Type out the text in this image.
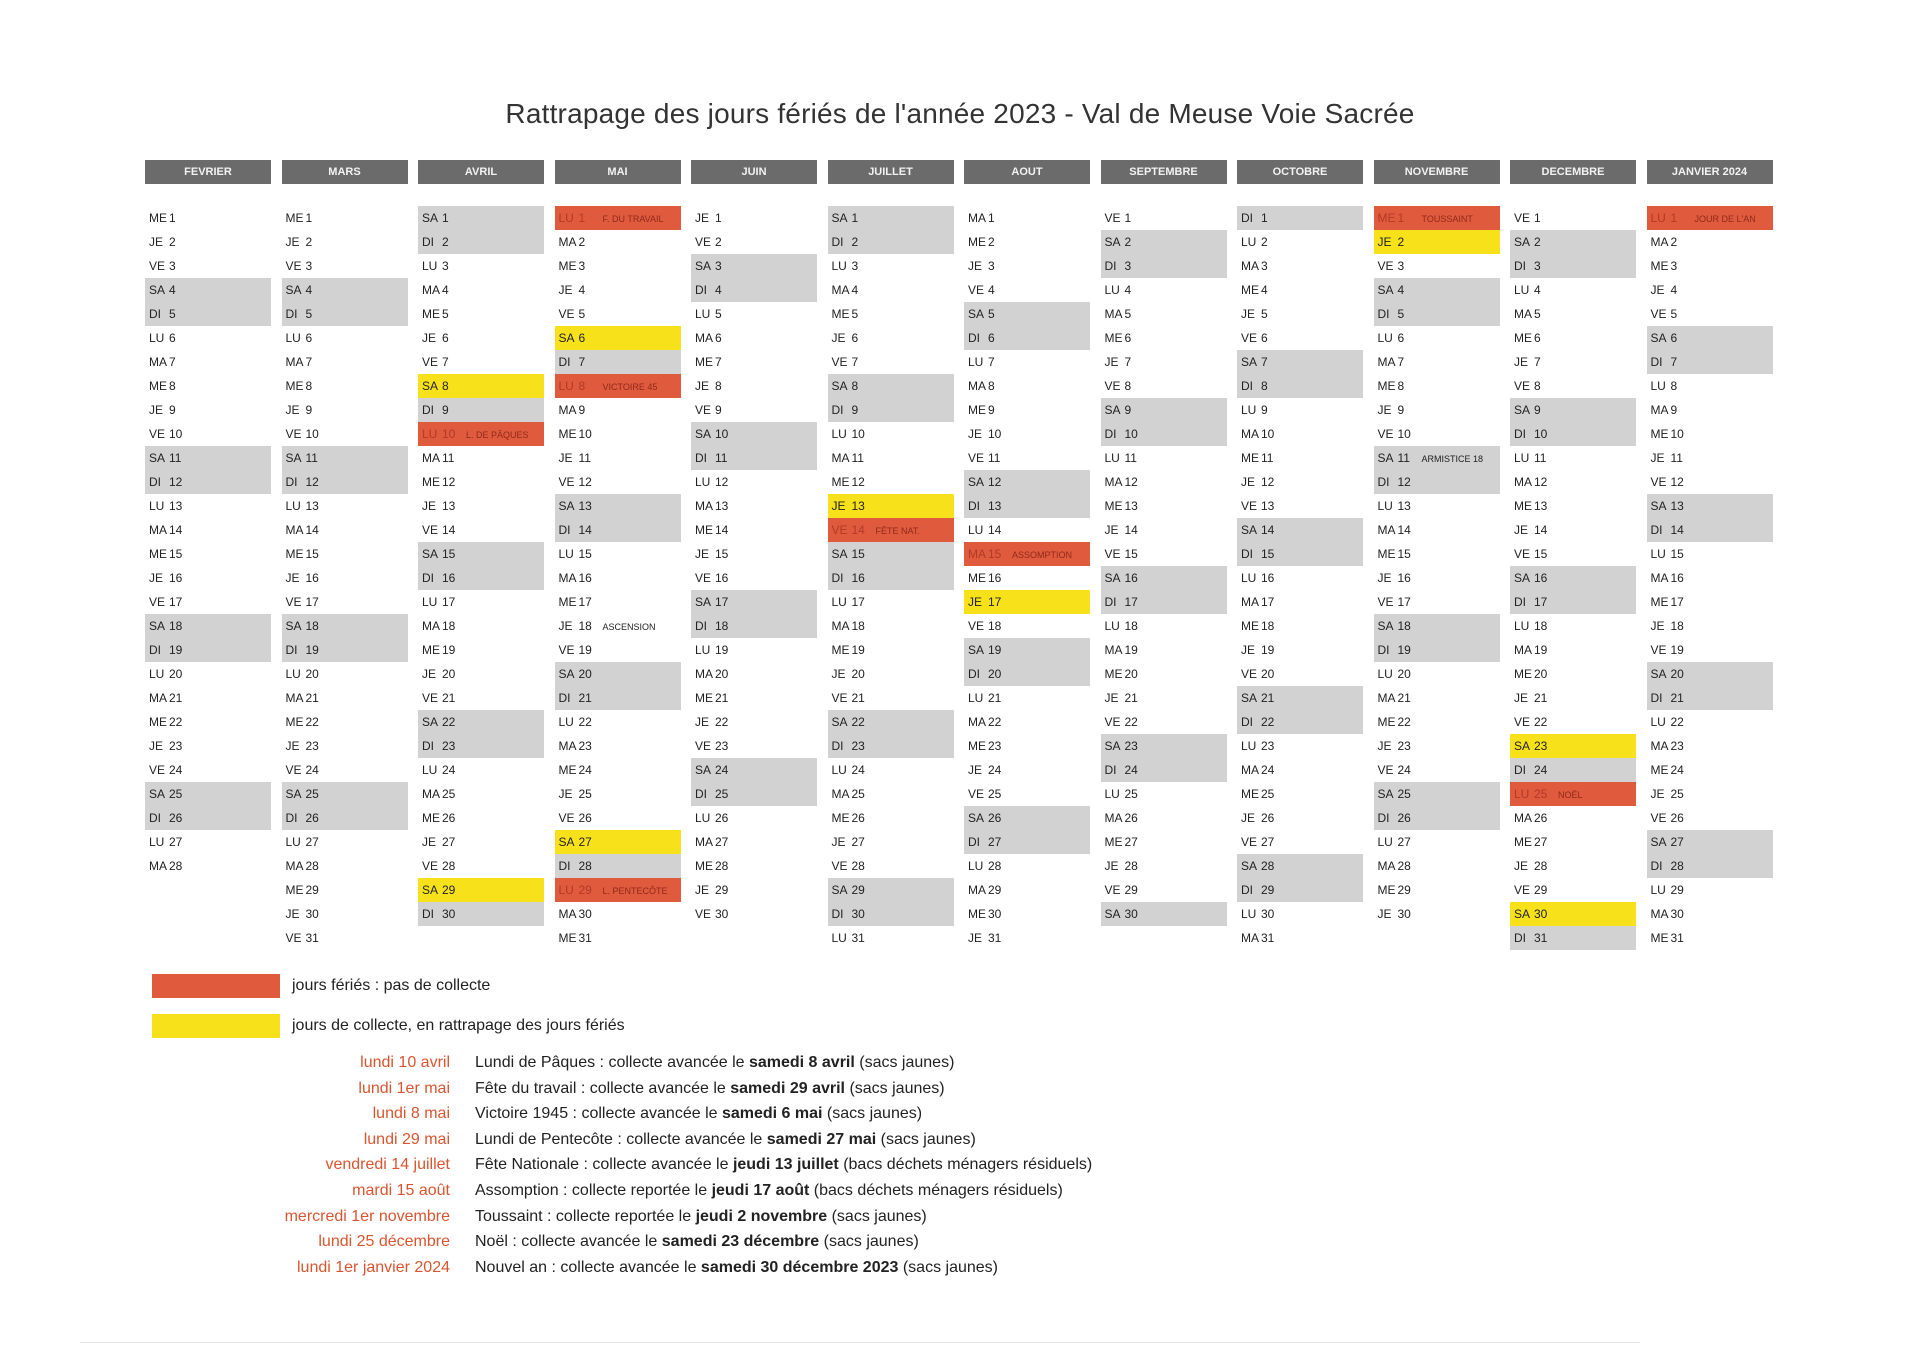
Rattrapage des jours fériés de l'année 2023 - Val de Meuse Voie Sacrée
FEVRIER
ME 1
JE 2
VE 3
SA 4
DI 5
LU 6
MA 7
ME 8
JE 9
VE 10
SA 11
DI 12
LU 13
MA 14
ME 15
JE 16
VE 17
SA 18
DI 19
LU 20
MA 21
ME 22
JE 23
VE 24
SA 25
DI 26
LU 27
MA 28
MARS
ME 1
JE 2
VE 3
SA 4
DI 5
LU 6
MA 7
ME 8
JE 9
VE 10
SA 11
DI 12
LU 13
MA 14
ME 15
JE 16
VE 17
SA 18
DI 19
LU 20
MA 21
ME 22
JE 23
VE 24
SA 25
DI 26
LU 27
MA 28
ME 29
JE 30
VE 31
AVRIL
SA 1
DI 2
LU 3
MA 4
ME 5
JE 6
VE 7
SA 8
DI 9
LU 10 L. DE PÂQUES
MA 11
ME 12
JE 13
VE 14
SA 15
DI 16
LU 17
MA 18
ME 19
JE 20
VE 21
SA 22
DI 23
LU 24
MA 25
ME 26
JE 27
VE 28
SA 29
DI 30
MAI
LU 1 F. DU TRAVAIL
MA 2
ME 3
JE 4
VE 5
SA 6
DI 7
LU 8 VICTOIRE 45
MA 9
ME 10
JE 11
VE 12
SA 13
DI 14
LU 15
MA 16
ME 17
JE 18 ASCENSION
VE 19
SA 20
DI 21
LU 22
MA 23
ME 24
JE 25
VE 26
SA 27
DI 28
LU 29 L. PENTECÔTE
MA 30
ME 31
JUIN
JE 1
VE 2
SA 3
DI 4
LU 5
MA 6
ME 7
JE 8
VE 9
SA 10
DI 11
LU 12
MA 13
ME 14
JE 15
VE 16
SA 17
DI 18
LU 19
MA 20
ME 21
JE 22
VE 23
SA 24
DI 25
LU 26
MA 27
ME 28
JE 29
VE 30
JUILLET
SA 1
DI 2
LU 3
MA 4
ME 5
JE 6
VE 7
SA 8
DI 9
LU 10
MA 11
ME 12
JE 13
VE 14 FÊTE NAT.
SA 15
DI 16
LU 17
MA 18
ME 19
JE 20
VE 21
SA 22
DI 23
LU 24
MA 25
ME 26
JE 27
VE 28
SA 29
DI 30
LU 31
AOUT
MA 1
ME 2
JE 3
VE 4
SA 5
DI 6
LU 7
MA 8
ME 9
JE 10
VE 11
SA 12
DI 13
LU 14
MA 15 ASSOMPTION
ME 16
JE 17
VE 18
SA 19
DI 20
LU 21
MA 22
ME 23
JE 24
VE 25
SA 26
DI 27
LU 28
MA 29
ME 30
JE 31
SEPTEMBRE
VE 1
SA 2
DI 3
LU 4
MA 5
ME 6
JE 7
VE 8
SA 9
DI 10
LU 11
MA 12
ME 13
JE 14
VE 15
SA 16
DI 17
LU 18
MA 19
ME 20
JE 21
VE 22
SA 23
DI 24
LU 25
MA 26
ME 27
JE 28
VE 29
SA 30
OCTOBRE
DI 1
LU 2
MA 3
ME 4
JE 5
VE 6
SA 7
DI 8
LU 9
MA 10
ME 11
JE 12
VE 13
SA 14
DI 15
LU 16
MA 17
ME 18
JE 19
VE 20
SA 21
DI 22
LU 23
MA 24
ME 25
JE 26
VE 27
SA 28
DI 29
LU 30
MA 31
NOVEMBRE
ME 1 TOUSSAINT
JE 2
VE 3
SA 4
DI 5
LU 6
MA 7
ME 8
JE 9
VE 10
SA 11 ARMISTICE 18
DI 12
LU 13
MA 14
ME 15
JE 16
VE 17
SA 18
DI 19
LU 20
MA 21
ME 22
JE 23
VE 24
SA 25
DI 26
LU 27
MA 28
ME 29
JE 30
DECEMBRE
VE 1
SA 2
DI 3
LU 4
MA 5
ME 6
JE 7
VE 8
SA 9
DI 10
LU 11
MA 12
ME 13
JE 14
VE 15
SA 16
DI 17
LU 18
MA 19
ME 20
JE 21
VE 22
SA 23
DI 24
LU 25 NOËL
MA 26
ME 27
JE 28
VE 29
SA 30
DI 31
JANVIER 2024
LU 1 JOUR DE L'AN
MA 2
ME 3
JE 4
VE 5
SA 6
DI 7
LU 8
MA 9
ME 10
JE 11
VE 12
SA 13
DI 14
LU 15
MA 16
ME 17
JE 18
VE 19
SA 20
DI 21
LU 22
MA 23
ME 24
JE 25
VE 26
SA 27
DI 28
LU 29
MA 30
ME 31
jours fériés : pas de collecte
jours de collecte, en rattrapage des jours fériés
lundi 10 avril Lundi de Pâques : collecte avancée le samedi 8 avril (sacs jaunes)
lundi 1er mai Fête du travail : collecte avancée le samedi 29 avril (sacs jaunes)
lundi 8 mai Victoire 1945 : collecte avancée le samedi 6 mai (sacs jaunes)
lundi 29 mai Lundi de Pentecôte : collecte avancée le samedi 27 mai (sacs jaunes)
vendredi 14 juillet Fête Nationale : collecte avancée le jeudi 13 juillet (bacs déchets ménagers résiduels)
mardi 15 août Assomption : collecte reportée le jeudi 17 août (bacs déchets ménagers résiduels)
mercredi 1er novembre Toussaint : collecte reportée le jeudi 2 novembre (sacs jaunes)
lundi 25 décembre Noël : collecte avancée le samedi 23 décembre (sacs jaunes)
lundi 1er janvier 2024 Nouvel an : collecte avancée le samedi 30 décembre 2023 (sacs jaunes)
